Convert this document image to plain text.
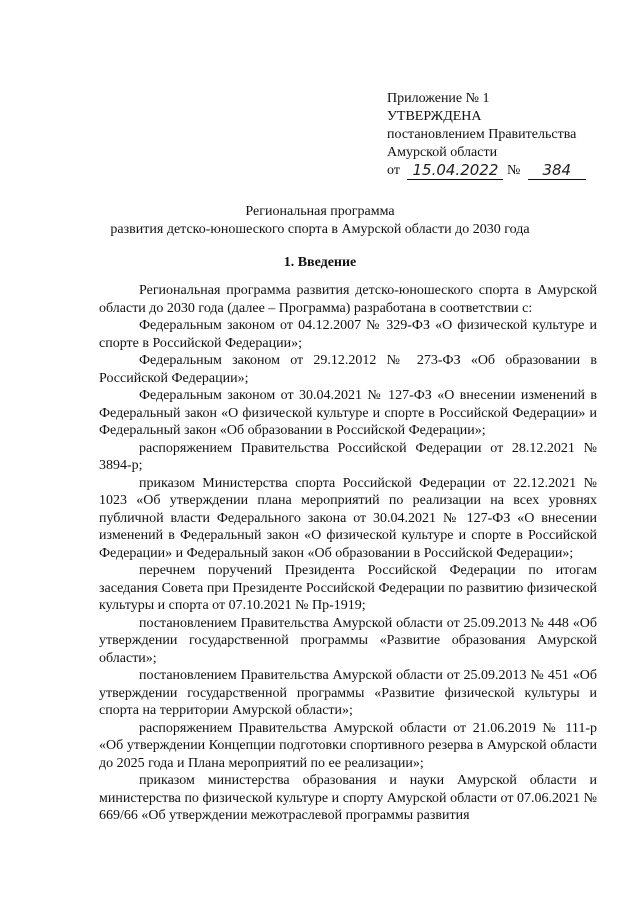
Приложение № 1
УТВЕРЖДЕНА
постановлением Правительства
Амурской области
от 15.04.2022 № 384
Региональная программа
развития детско-юношеского спорта в Амурской области до 2030 года
1. Введение

Региональная программа развития детско-юношеского спорта в Амурской области до 2030 года (далее – Программа) разработана в соответствии с:

Федеральным законом от 04.12.2007 № 329-ФЗ «О физической культуре и спорте в Российской Федерации»;

Федеральным законом от 29.12.2012 № 273-ФЗ «Об образовании в Российской Федерации»;

Федеральным законом от 30.04.2021 № 127-ФЗ «О внесении изменений в Федеральный закон «О физической культуре и спорте в Российской Федерации» и Федеральный закон «Об образовании в Российской Федерации»;

распоряжением Правительства Российской Федерации от 28.12.2021 № 3894-р;

приказом Министерства спорта Российской Федерации от 22.12.2021 № 1023 «Об утверждении плана мероприятий по реализации на всех уровнях публичной власти Федерального закона от 30.04.2021 № 127-ФЗ «О внесении изменений в Федеральный закон «О физической культуре и спорте в Российской Федерации» и Федеральный закон «Об образовании в Российской Федерации»;

перечнем поручений Президента Российской Федерации по итогам заседания Совета при Президенте Российской Федерации по развитию физической культуры и спорта от 07.10.2021 № Пр-1919;

постановлением Правительства Амурской области от 25.09.2013 № 448 «Об утверждении государственной программы «Развитие образования Амурской области»;

постановлением Правительства Амурской области от 25.09.2013 № 451 «Об утверждении государственной программы «Развитие физической культуры и спорта на территории Амурской области»;

распоряжением Правительства Амурской области от 21.06.2019 № 111-р «Об утверждении Концепции подготовки спортивного резерва в Амурской области до 2025 года и Плана мероприятий по ее реализации»;

приказом министерства образования и науки Амурской области и министерства по физической культуре и спорту Амурской области от 07.06.2021 № 669/66 «Об утверждении межотраслевой программы развития
